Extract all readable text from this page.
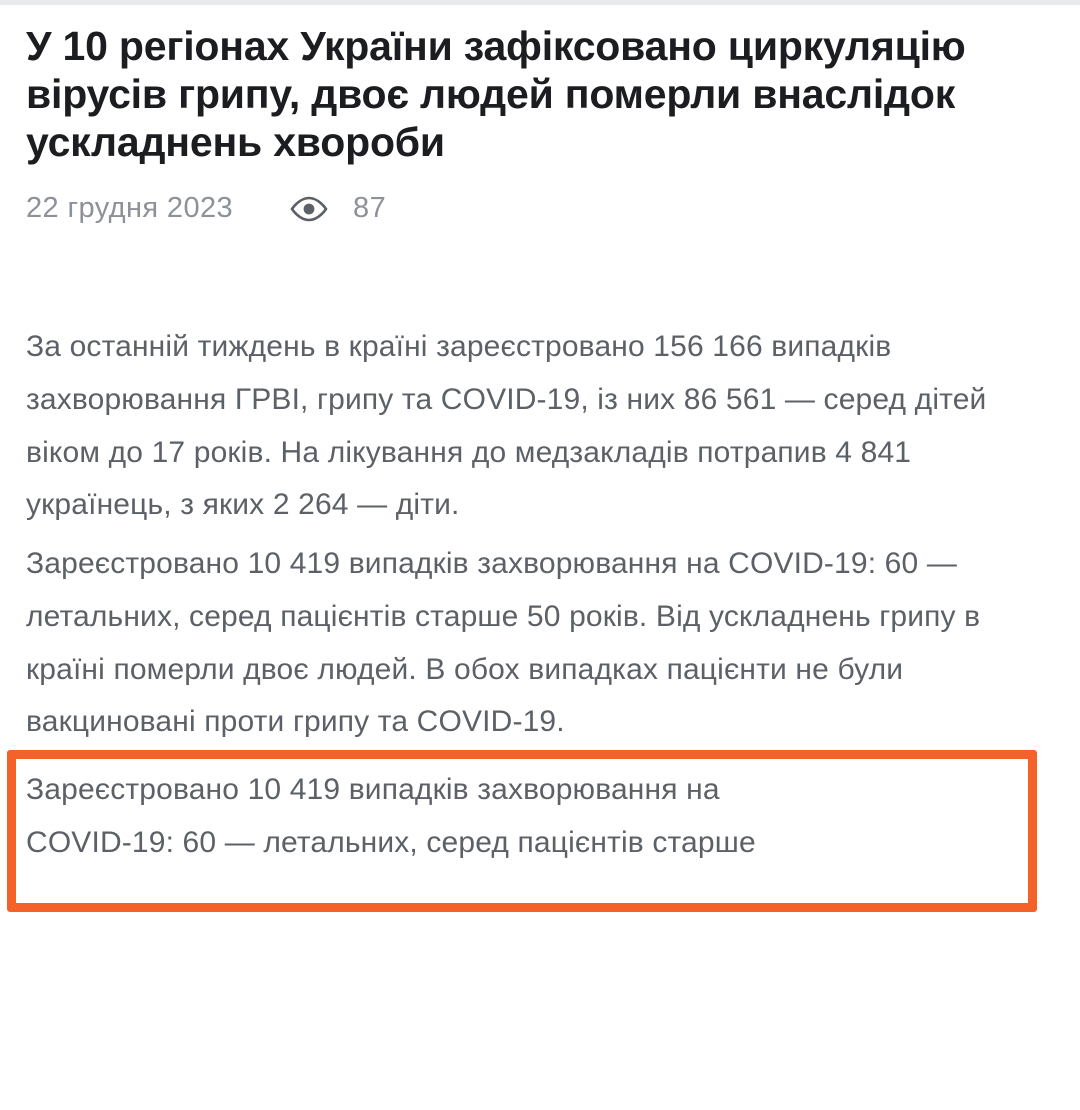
У 10 регіонах України зафіксовано циркуляцію вірусів грипу, двоє людей померли внаслідок ускладнень хвороби
22 грудня 2023	87

За останній тиждень в країні зареєстровано 156 166 випадків захворювання ГРВІ, грипу та COVID-19, із них 86 561 — серед дітей віком до 17 років. На лікування до медзакладів потрапив 4 841 українець, з яких 2 264 — діти.

Зареєстровано 10 419 випадків захворювання на COVID-19: 60 — летальних, серед пацієнтів старше 50 років. Від ускладнень грипу в країні померли двоє людей. В обох випадках пацієнти не були вакциновані проти грипу та COVID-19.

Зареєстровано 10 419 випадків захворювання на
COVID-19: 60 — летальних, серед пацієнтів старше
